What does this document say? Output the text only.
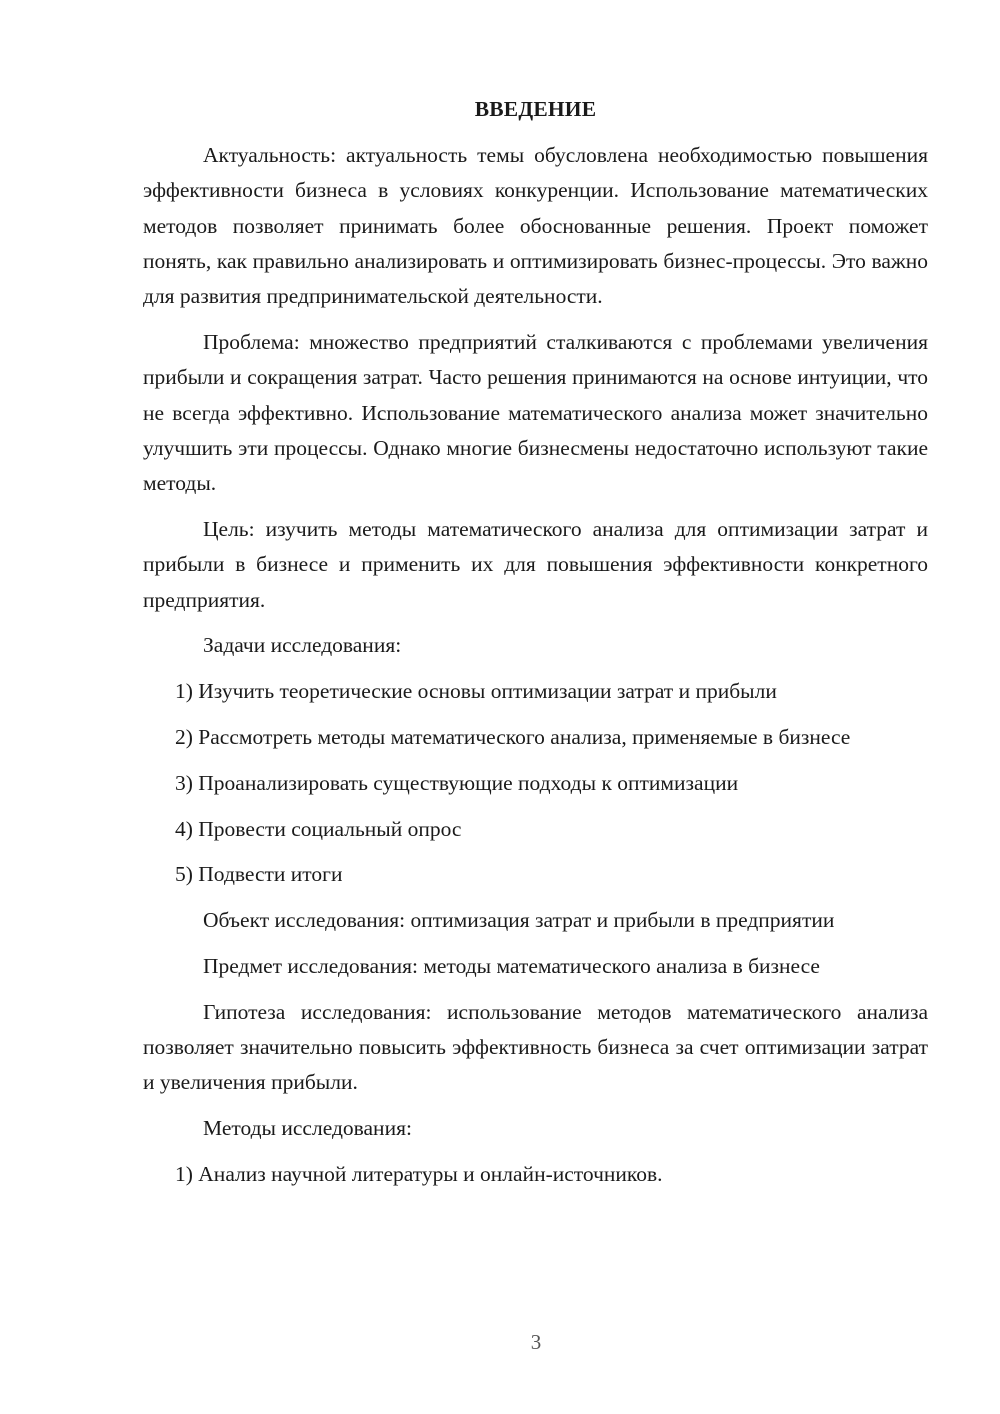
ВВЕДЕНИЕ

Актуальность: актуальность темы обусловлена необходимостью повышения эффективности бизнеса в условиях конкуренции. Использование математических методов позволяет принимать более обоснованные решения. Проект поможет понять, как правильно анализировать и оптимизировать бизнес-процессы. Это важно для развития предпринимательской деятельности.

Проблема: множество предприятий сталкиваются с проблемами увеличения прибыли и сокращения затрат. Часто решения принимаются на основе интуиции, что не всегда эффективно. Использование математического анализа может значительно улучшить эти процессы. Однако многие бизнесмены недостаточно используют такие методы.

Цель: изучить методы математического анализа для оптимизации затрат и прибыли в бизнесе и применить их для повышения эффективности конкретного предприятия.

Задачи исследования:

1) Изучить теоретические основы оптимизации затрат и прибыли

2) Рассмотреть методы математического анализа, применяемые в бизнесе

3) Проанализировать существующие подходы к оптимизации

4) Провести социальный опрос

5) Подвести итоги

Объект исследования: оптимизация затрат и прибыли в предприятии

Предмет исследования: методы математического анализа в бизнесе

Гипотеза исследования: использование методов математического анализа позволяет значительно повысить эффективность бизнеса за счет оптимизации затрат и увеличения прибыли.

Методы исследования:

1) Анализ научной литературы и онлайн-источников.

3
